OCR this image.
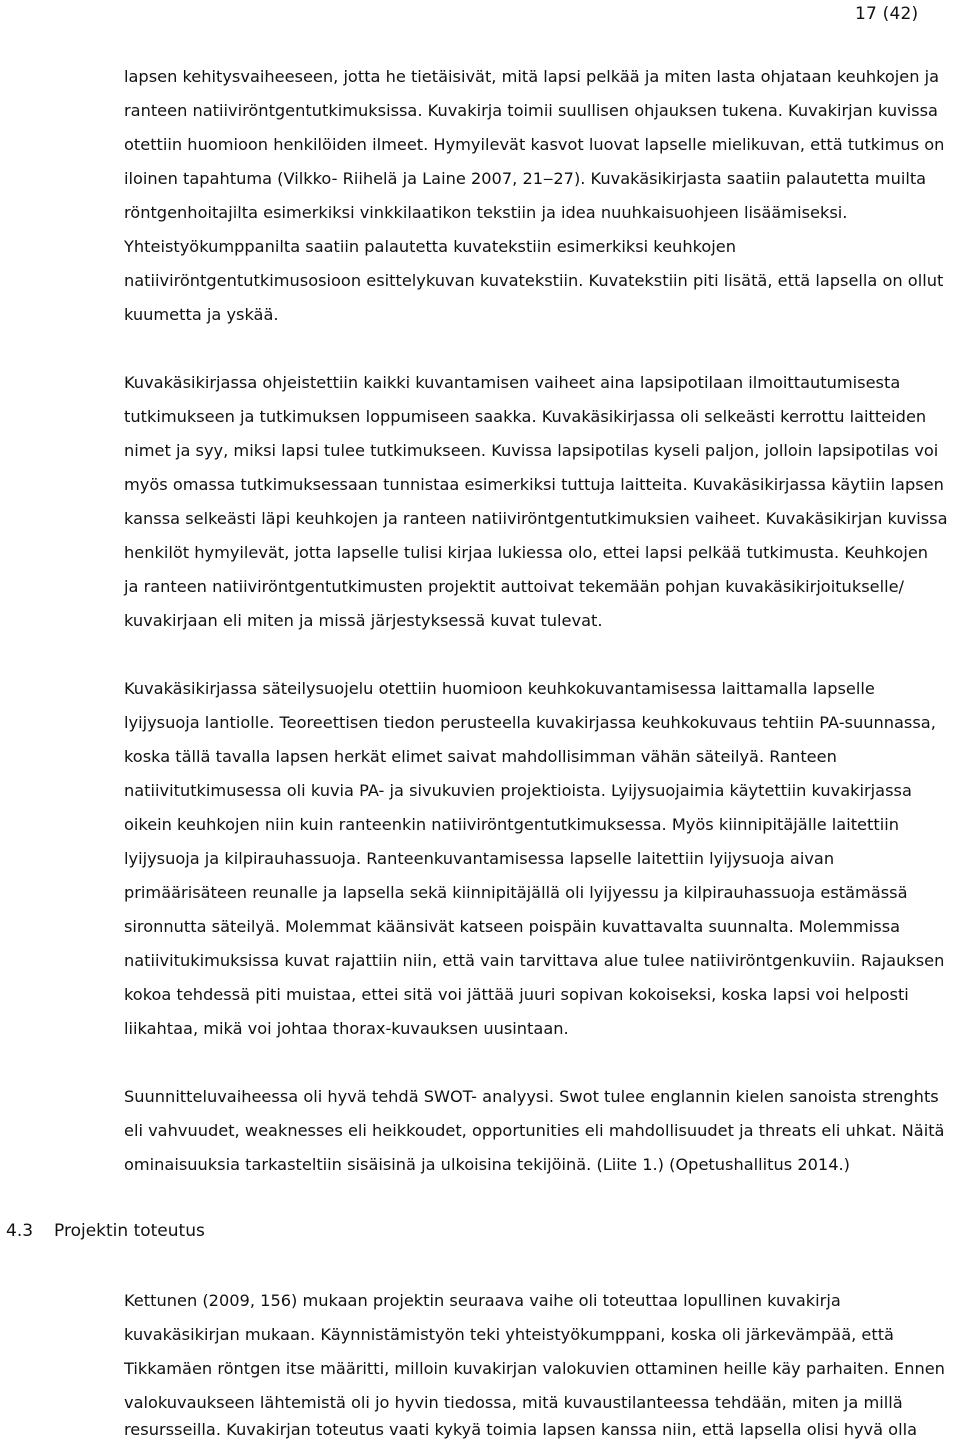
17 (42)
lapsen kehitysvaiheeseen, jotta he tietäisivät, mitä lapsi pelkää ja miten lasta ohjataan keuhkojen ja
ranteen natiiviröntgentutkimuksissa. Kuvakirja toimii suullisen ohjauksen tukena. Kuvakirjan kuvissa
otettiin huomioon henkilöiden ilmeet. Hymyilevät kasvot luovat lapselle mielikuvan, että tutkimus on
iloinen tapahtuma (Vilkko- Riihelä ja Laine 2007, 21‒27). Kuvakäsikirjasta saatiin palautetta muilta
röntgenhoitajilta esimerkiksi vinkkilaatikon tekstiin ja idea nuuhkaisuohjeen lisäämiseksi.
Yhteistyökumppanilta saatiin palautetta kuvatekstiin esimerkiksi keuhkojen
natiiviröntgentutkimusosioon esittelykuvan kuvatekstiin. Kuvatekstiin piti lisätä, että lapsella on ollut
kuumetta ja yskää.
Kuvakäsikirjassa ohjeistettiin kaikki kuvantamisen vaiheet aina lapsipotilaan ilmoittautumisesta
tutkimukseen ja tutkimuksen loppumiseen saakka. Kuvakäsikirjassa oli selkeästi kerrottu laitteiden
nimet ja syy, miksi lapsi tulee tutkimukseen. Kuvissa lapsipotilas kyseli paljon, jolloin lapsipotilas voi
myös omassa tutkimuksessaan tunnistaa esimerkiksi tuttuja laitteita. Kuvakäsikirjassa käytiin lapsen
kanssa selkeästi läpi keuhkojen ja ranteen natiiviröntgentutkimuksien vaiheet. Kuvakäsikirjan kuvissa
henkilöt hymyilevät, jotta lapselle tulisi kirjaa lukiessa olo, ettei lapsi pelkää tutkimusta. Keuhkojen
ja ranteen natiiviröntgentutkimusten projektit auttoivat tekemään pohjan kuvakäsikirjoitukselle/
kuvakirjaan eli miten ja missä järjestyksessä kuvat tulevat.
Kuvakäsikirjassa säteilysuojelu otettiin huomioon keuhkokuvantamisessa laittamalla lapselle
lyijysuoja lantiolle. Teoreettisen tiedon perusteella kuvakirjassa keuhkokuvaus tehtiin PA-suunnassa,
koska tällä tavalla lapsen herkät elimet saivat mahdollisimman vähän säteilyä. Ranteen
natiivitutkimusessa oli kuvia PA- ja sivukuvien projektioista. Lyijysuojaimia käytettiin kuvakirjassa
oikein keuhkojen niin kuin ranteenkin natiiviröntgentutkimuksessa. Myös kiinnipitäjälle laitettiin
lyijysuoja ja kilpirauhassuoja. Ranteenkuvantamisessa lapselle laitettiin lyijysuoja aivan
primäärisäteen reunalle ja lapsella sekä kiinnipitäjällä oli lyijyessu ja kilpirauhassuoja estämässä
sironnutta säteilyä. Molemmat käänsivät katseen poispäin kuvattavalta suunnalta. Molemmissa
natiivitukimuksissa kuvat rajattiin niin, että vain tarvittava alue tulee natiiviröntgenkuviin. Rajauksen
kokoa tehdessä piti muistaa, ettei sitä voi jättää juuri sopivan kokoiseksi, koska lapsi voi helposti
liikahtaa, mikä voi johtaa thorax-kuvauksen uusintaan.
Suunnitteluvaiheessa oli hyvä tehdä SWOT- analyysi. Swot tulee englannin kielen sanoista strenghts
eli vahvuudet, weaknesses eli heikkoudet, opportunities eli mahdollisuudet ja threats eli uhkat. Näitä
ominaisuuksia tarkasteltiin sisäisinä ja ulkoisina tekijöinä. (Liite 1.) (Opetushallitus 2014.)
4.3 Projektin toteutus
Kettunen (2009, 156) mukaan projektin seuraava vaihe oli toteuttaa lopullinen kuvakirja
kuvakäsikirjan mukaan. Käynnistämistyön teki yhteistyökumppani, koska oli järkevämpää, että
Tikkamäen röntgen itse määritti, milloin kuvakirjan valokuvien ottaminen heille käy parhaiten. Ennen
valokuvaukseen lähtemistä oli jo hyvin tiedossa, mitä kuvaustilanteessa tehdään, miten ja millä
resursseilla. Kuvakirjan toteutus vaati kykyä toimia lapsen kanssa niin, että lapsella olisi hyvä olla
